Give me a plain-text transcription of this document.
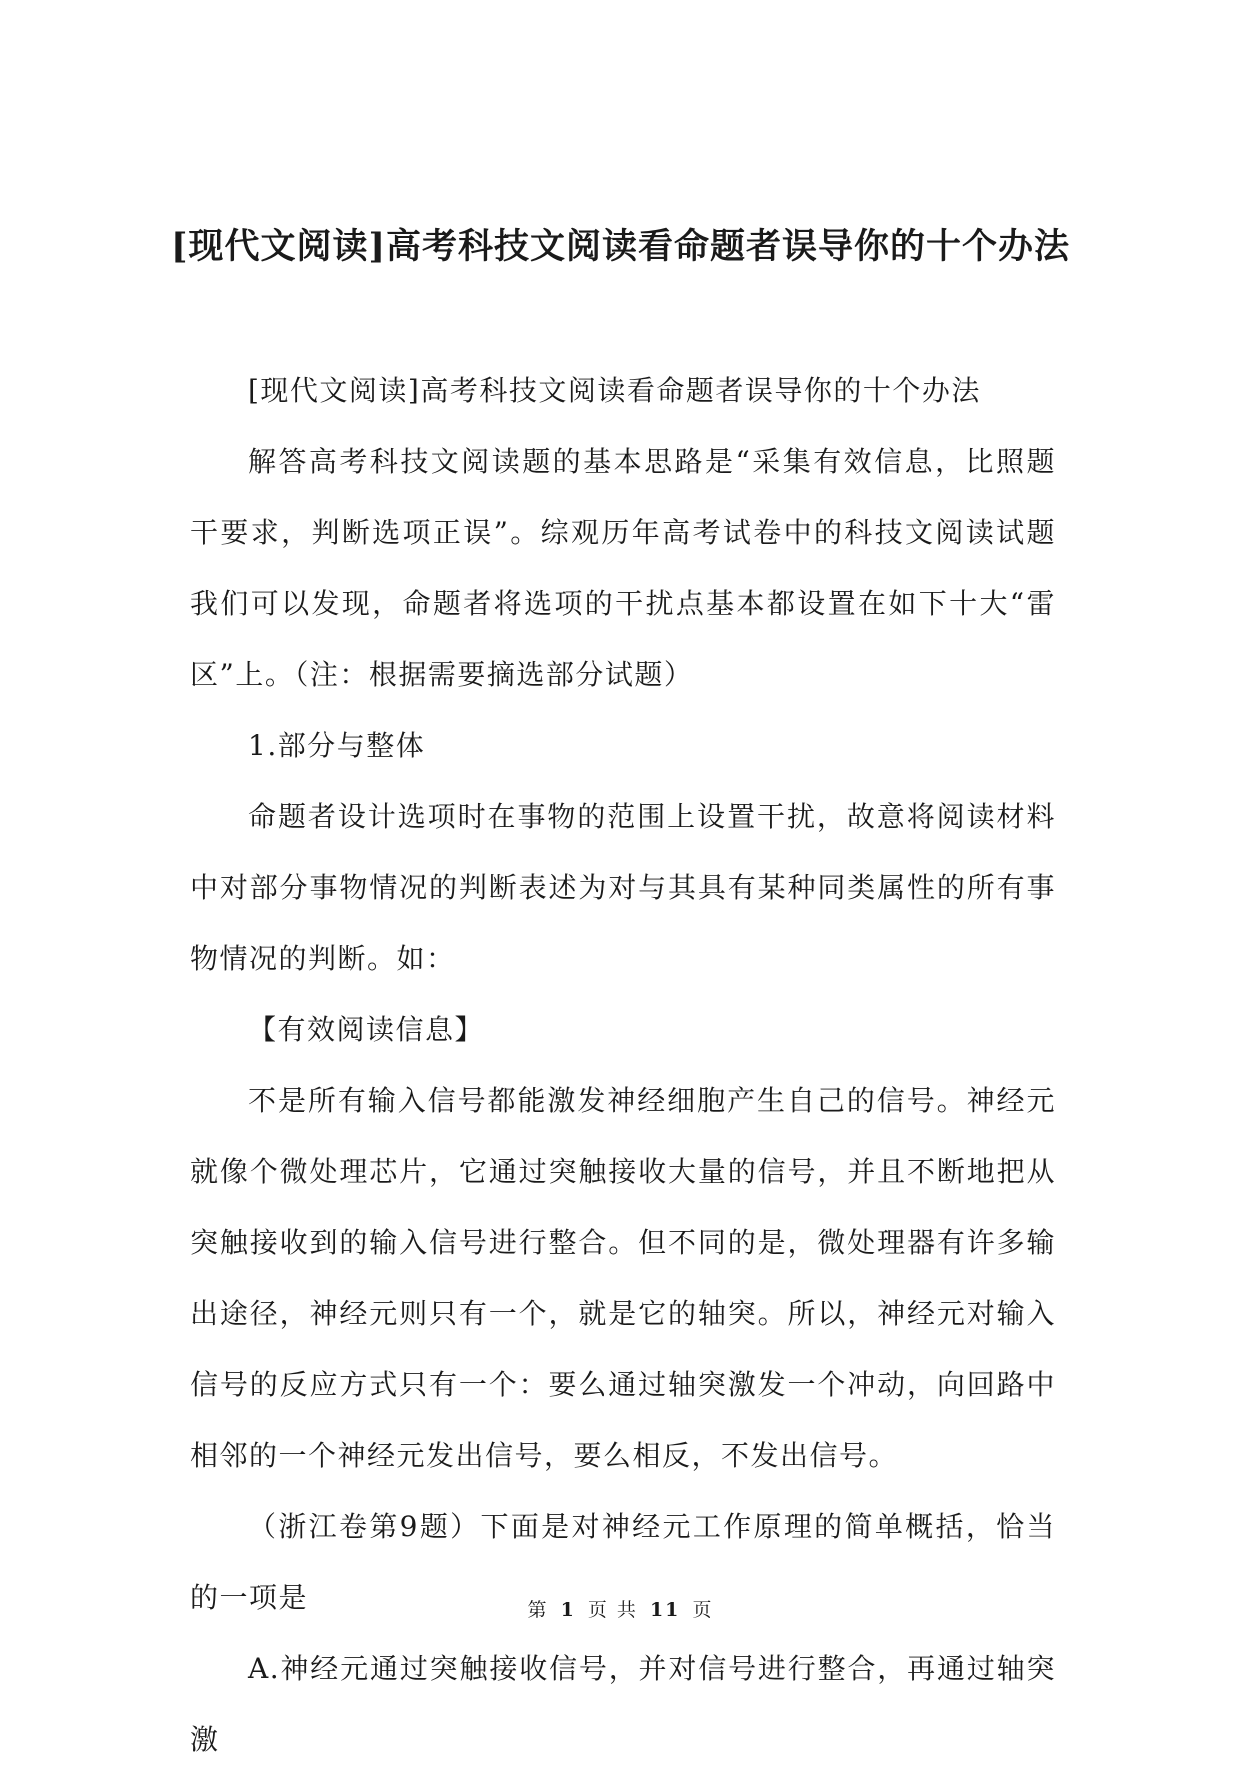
[现代文阅读]高考科技文阅读看命题者误导你的十个办法

[现代文阅读]高考科技文阅读看命题者误导你的十个办法

解答高考科技文阅读题的基本思路是“采集有效信息，比照题干要求，判断选项正误”。综观历年高考试卷中的科技文阅读试题我们可以发现，命题者将选项的干扰点基本都设置在如下十大“雷区”上。（注：根据需要摘选部分试题）

1.部分与整体

命题者设计选项时在事物的范围上设置干扰，故意将阅读材料中对部分事物情况的判断表述为对与其具有某种同类属性的所有事物情况的判断。如：

【有效阅读信息】

不是所有输入信号都能激发神经细胞产生自己的信号。神经元就像个微处理芯片，它通过突触接收大量的信号，并且不断地把从突触接收到的输入信号进行整合。但不同的是，微处理器有许多输出途径，神经元则只有一个，就是它的轴突。所以，神经元对输入信号的反应方式只有一个：要么通过轴突激发一个冲动，向回路中相邻的一个神经元发出信号，要么相反，不发出信号。

（浙江卷第9题）下面是对神经元工作原理的简单概括，恰当的一项是

A.神经元通过突触接收信号，并对信号进行整合，再通过轴突激

第 1 页 共 11 页
